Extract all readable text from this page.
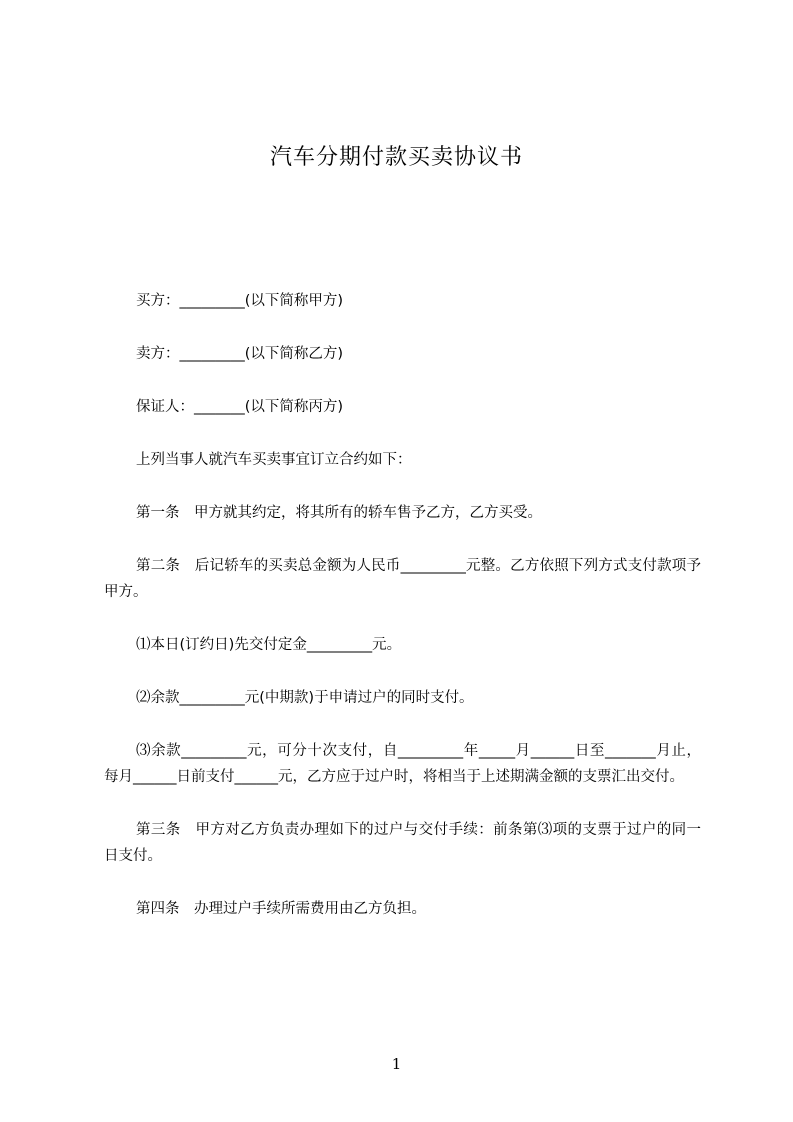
汽车分期付款买卖协议书

买方：_________(以下简称甲方)

卖方：_________(以下简称乙方)

保证人：_______(以下简称丙方)

上列当事人就汽车买卖事宜订立合约如下：

第一条　甲方就其约定，将其所有的轿车售予乙方，乙方买受。

第二条　后记轿车的买卖总金额为人民币_________元整。乙方依照下列方式支付款项予甲方。

⑴本日(订约日)先交付定金_________元。

⑵余款_________元(中期款)于申请过户的同时支付。

⑶余款_________元，可分十次支付，自_________年_____月______日至_______月止，每月______日前支付______元，乙方应于过户时，将相当于上述期满金额的支票汇出交付。

第三条　甲方对乙方负责办理如下的过户与交付手续：前条第⑶项的支票于过户的同一日支付。

第四条　办理过户手续所需费用由乙方负担。

1
